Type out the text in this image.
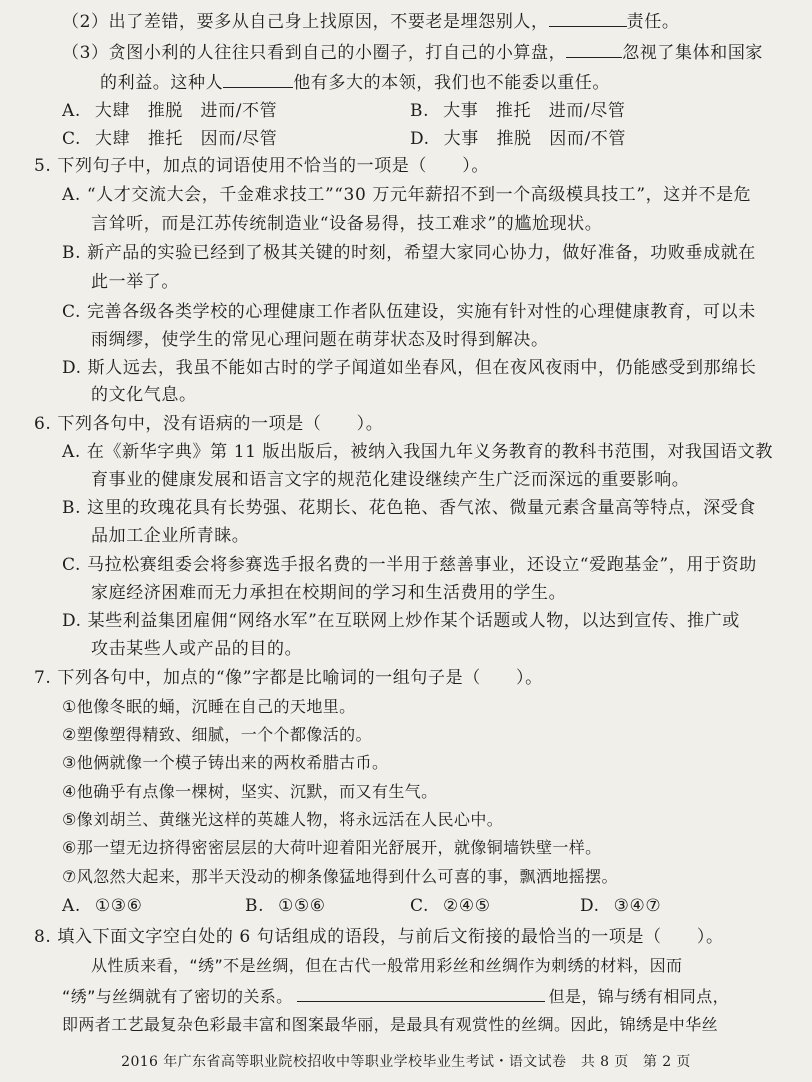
（2）出了差错，要多从自己身上找原因，不要老是埋怨别人，	责任。
（3）贪图小利的人往往只看到自己的小圈子，打自己的小算盘，	忽视了集体和国家
的利益。这种人	他有多大的本领，我们也不能委以重任。
A. 大肆　推脱　进而/不管	B. 大事　推托　进而/尽管
C. 大肆　推托　因而/尽管	D. 大事　推脱　因而/不管
5. 下列句子中，加点的词语使用不恰当的一项是（　　）。
A. “人才交流大会，千金难求技工”“30 万元年薪招不到一个高级模具技工”，这并不是危
言耸听，而是江苏传统制造业“设备易得，技工难求”的尴尬现状。
B. 新产品的实验已经到了极其关键的时刻，希望大家同心协力，做好准备，功败垂成就在
此一举了。
C. 完善各级各类学校的心理健康工作者队伍建设，实施有针对性的心理健康教育，可以未
雨绸缪，使学生的常见心理问题在萌芽状态及时得到解决。
D. 斯人远去，我虽不能如古时的学子闻道如坐春风，但在夜风夜雨中，仍能感受到那绵长
的文化气息。
6. 下列各句中，没有语病的一项是（　　）。
A. 在《新华字典》第 11 版出版后，被纳入我国九年义务教育的教科书范围，对我国语文教
育事业的健康发展和语言文字的规范化建设继续产生广泛而深远的重要影响。
B. 这里的玫瑰花具有长势强、花期长、花色艳、香气浓、微量元素含量高等特点，深受食
品加工企业所青睐。
C. 马拉松赛组委会将参赛选手报名费的一半用于慈善事业，还设立“爱跑基金”，用于资助
家庭经济困难而无力承担在校期间的学习和生活费用的学生。
D. 某些利益集团雇佣“网络水军”在互联网上炒作某个话题或人物，以达到宣传、推广或
攻击某些人或产品的目的。
7. 下列各句中，加点的“像”字都是比喻词的一组句子是（　　）。
①他像冬眠的蛹，沉睡在自己的天地里。
②塑像塑得精致、细腻，一个个都像活的。
③他俩就像一个模子铸出来的两枚希腊古币。
④他确乎有点像一棵树，坚实、沉默，而又有生气。
⑤像刘胡兰、黄继光这样的英雄人物，将永远活在人民心中。
⑥那一望无边挤得密密层层的大荷叶迎着阳光舒展开，就像铜墙铁壁一样。
⑦风忽然大起来，那半天没动的柳条像猛地得到什么可喜的事，飘洒地摇摆。
A. ①③⑥	B. ①⑤⑥	C. ②④⑤	D. ③④⑦
8. 填入下面文字空白处的 6 句话组成的语段，与前后文衔接的最恰当的一项是（　　）。
从性质来看，“绣”不是丝绸，但在古代一般常用彩丝和丝绸作为刺绣的材料，因而
“绣”与丝绸就有了密切的关系。	但是，锦与绣有相同点，
即两者工艺最复杂色彩最丰富和图案最华丽，是最具有观赏性的丝绸。因此，锦绣是中华丝
2016 年广东省高等职业院校招收中等职业学校毕业生考试・语文试卷　共 8 页　第 2 页
